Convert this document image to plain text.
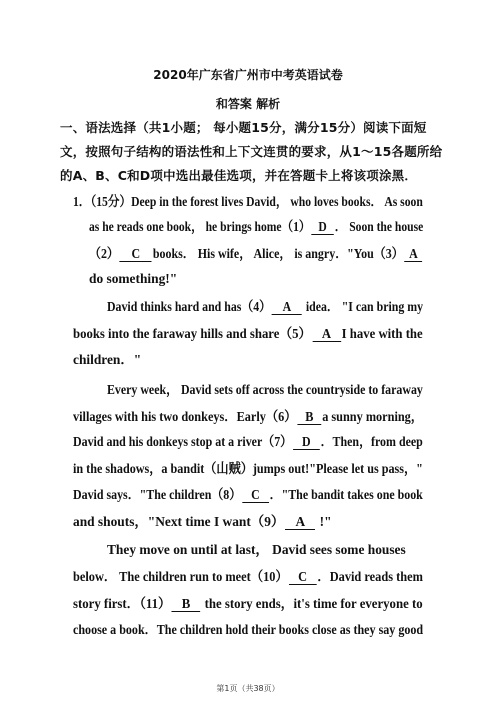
2020年广东省广州市中考英语试卷
和答案 解析
一、语法选择（共1小题； 每小题15分，满分15分）阅读下面短
文，按照句子结构的语法性和上下文连贯的要求，从1～15各题所给
的A、B、C和D项中选出最佳选项，并在答题卡上将该项涂黑．
1．（15分）Deep in the forest lives David， who loves books． As soon
as he reads one book， he brings home（1） D ． Soon the house
（2） C books． His wife， Alice， is angry．"You（3） A
do something!"
David thinks hard and has（4） A idea． "I can bring my
books into the faraway hills and share（5） A I have with the
children．"
Every week， David sets off across the countryside to faraway
villages with his two donkeys．Early（6） B a sunny morning，
David and his donkeys stop at a river（7） D ．Then，from deep
in the shadows，a bandit（山贼）jumps out!"Please let us pass，"
David says．"The children（8） C ．"The bandit takes one book
and shouts，"Next time I want（9） A !"
They move on until at last， David sees some houses
below． The children run to meet（10） C ．David reads them
story first．（11） B the story ends，it's time for everyone to
choose a book．The children hold their books close as they say good
第1页（共38页）
